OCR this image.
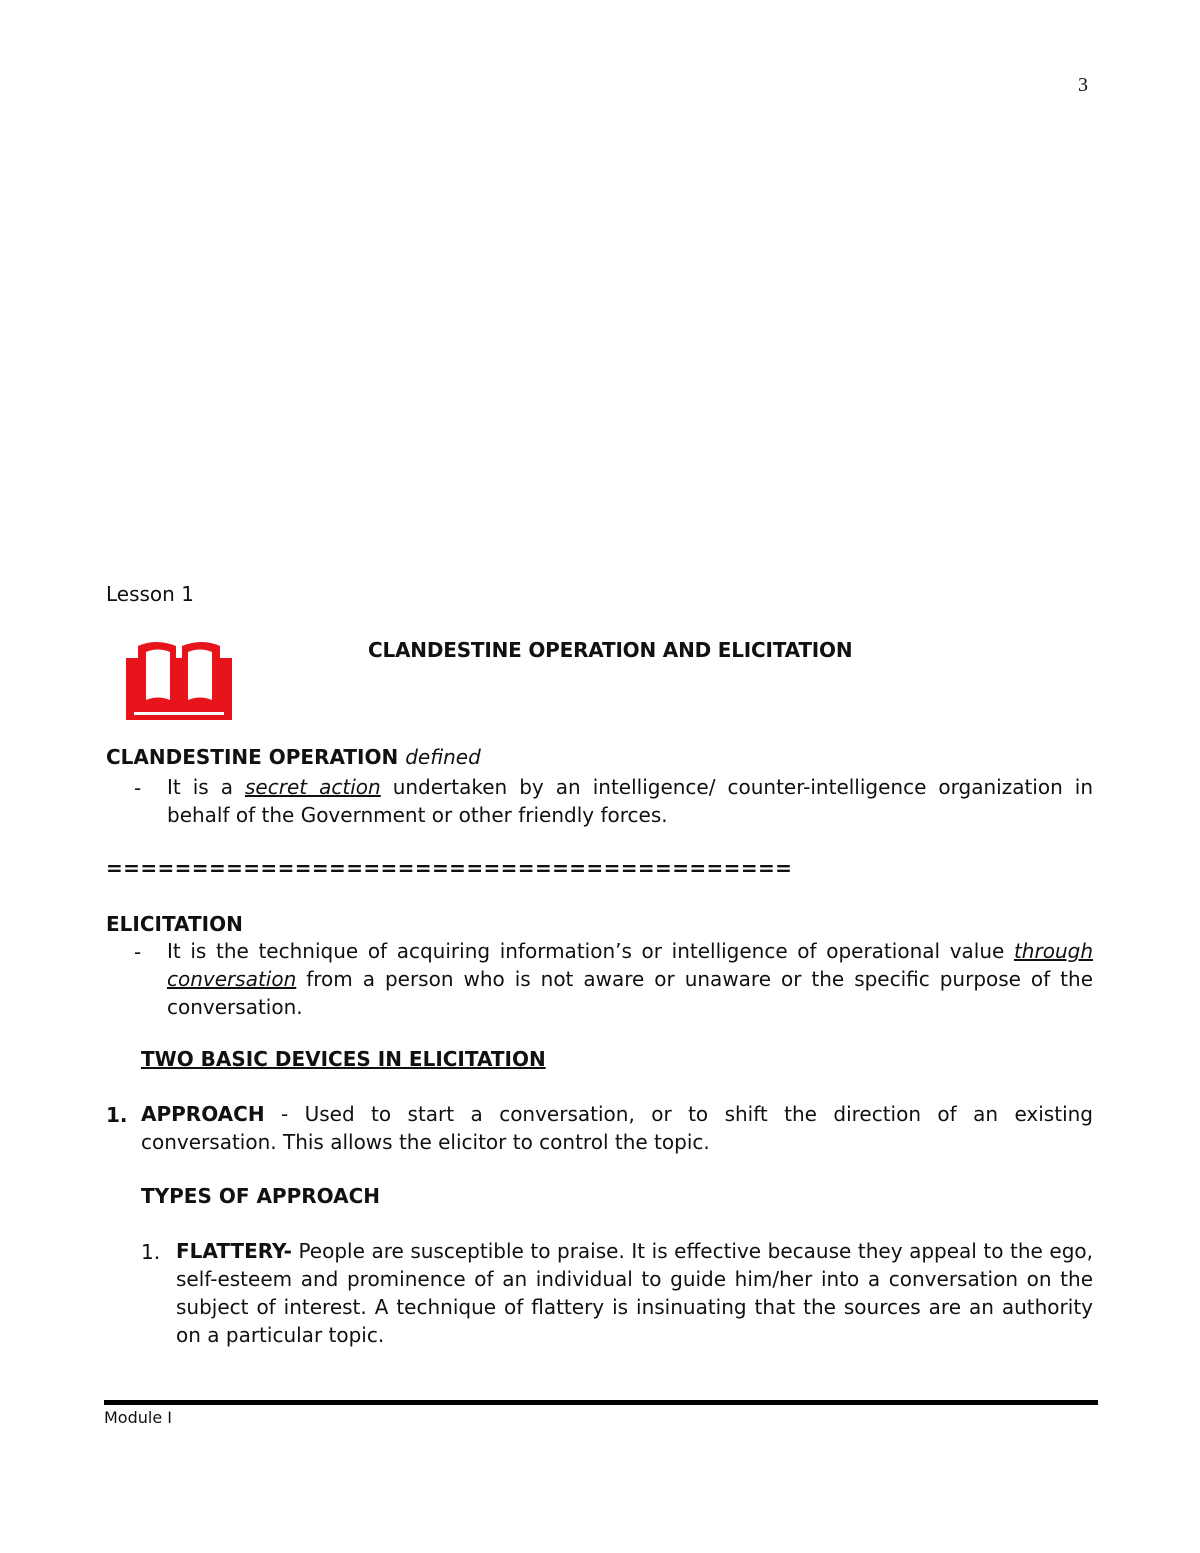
3
Lesson 1
CLANDESTINE OPERATION AND ELICITATION
CLANDESTINE OPERATION defined
- It is a secret action undertaken by an intelligence/ counter-intelligence organization in behalf of the Government or other friendly forces.
========================================
ELICITATION
- It is the technique of acquiring information’s or intelligence of operational value through conversation from a person who is not aware or unaware or the specific purpose of the conversation.
TWO BASIC DEVICES IN ELICITATION
1. APPROACH - Used to start a conversation, or to shift the direction of an existing conversation. This allows the elicitor to control the topic.
TYPES OF APPROACH
1. FLATTERY- People are susceptible to praise. It is effective because they appeal to the ego, self-esteem and prominence of an individual to guide him/her into a conversation on the subject of interest. A technique of flattery is insinuating that the sources are an authority on a particular topic.
Module I
